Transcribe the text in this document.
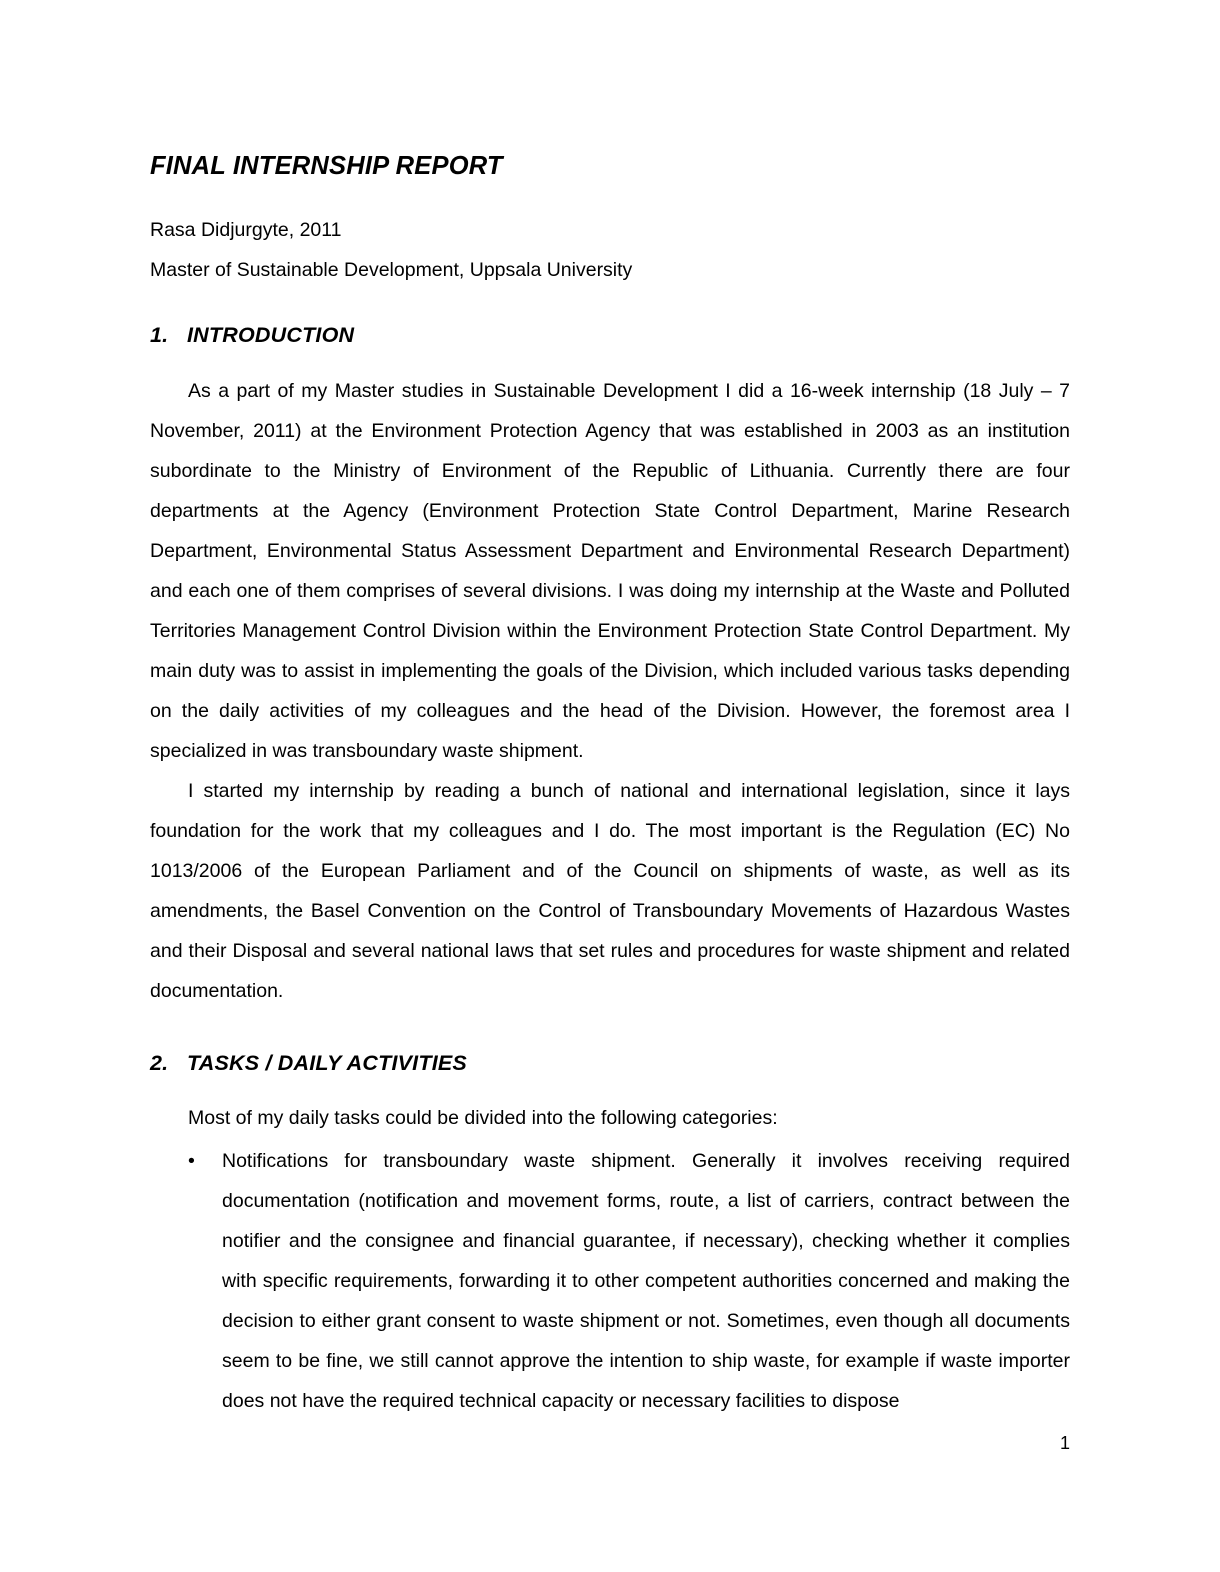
FINAL INTERNSHIP REPORT
Rasa Didjurgyte, 2011
Master of Sustainable Development, Uppsala University
1. INTRODUCTION

As a part of my Master studies in Sustainable Development I did a 16-week internship (18 July – 7 November, 2011) at the Environment Protection Agency that was established in 2003 as an institution subordinate to the Ministry of Environment of the Republic of Lithuania. Currently there are four departments at the Agency (Environment Protection State Control Department, Marine Research Department, Environmental Status Assessment Department and Environmental Research Department) and each one of them comprises of several divisions. I was doing my internship at the Waste and Polluted Territories Management Control Division within the Environment Protection State Control Department. My main duty was to assist in implementing the goals of the Division, which included various tasks depending on the daily activities of my colleagues and the head of the Division. However, the foremost area I specialized in was transboundary waste shipment.

I started my internship by reading a bunch of national and international legislation, since it lays foundation for the work that my colleagues and I do. The most important is the Regulation (EC) No 1013/2006 of the European Parliament and of the Council on shipments of waste, as well as its amendments, the Basel Convention on the Control of Transboundary Movements of Hazardous Wastes and their Disposal and several national laws that set rules and procedures for waste shipment and related documentation.

2. TASKS / DAILY ACTIVITIES

Most of my daily tasks could be divided into the following categories:

•	Notifications for transboundary waste shipment. Generally it involves receiving required documentation (notification and movement forms, route, a list of carriers, contract between the notifier and the consignee and financial guarantee, if necessary), checking whether it complies with specific requirements, forwarding it to other competent authorities concerned and making the decision to either grant consent to waste shipment or not. Sometimes, even though all documents seem to be fine, we still cannot approve the intention to ship waste, for example if waste importer does not have the required technical capacity or necessary facilities to dispose
1
